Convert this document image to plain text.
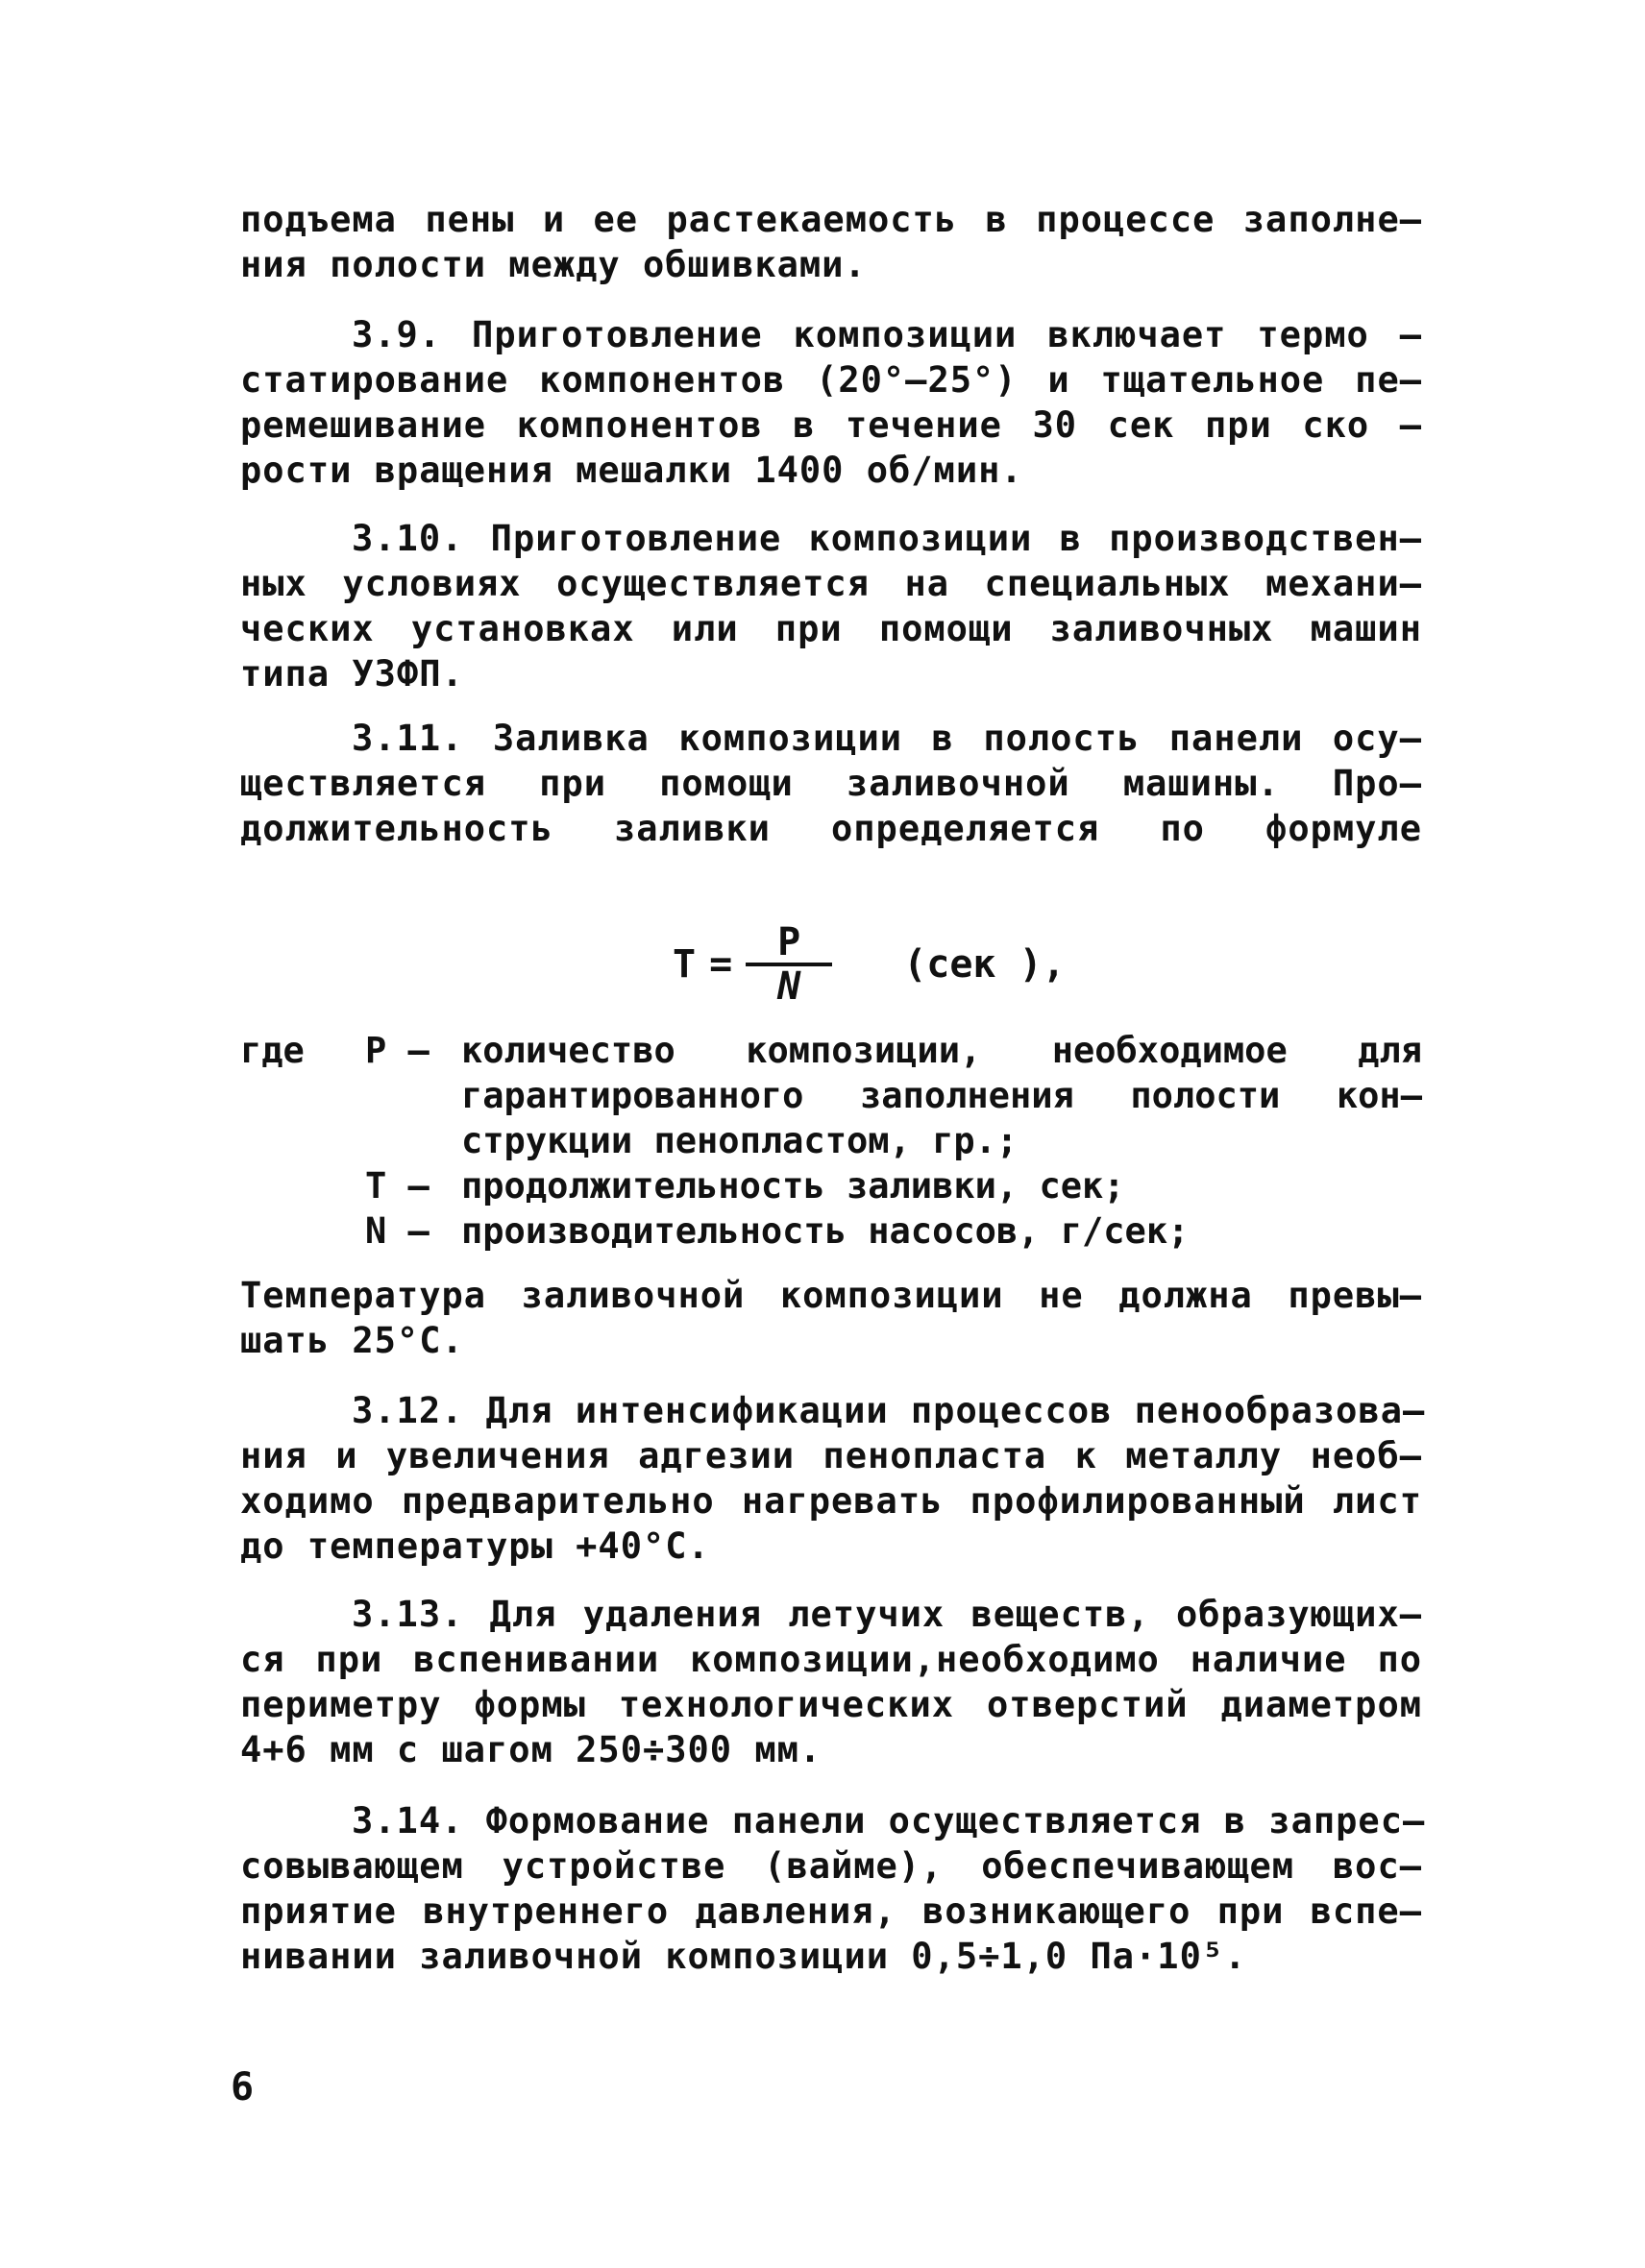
подъема пены и ее растекаемость в процессе заполне–
ния полости между обшивками.
3.9. Приготовление композиции включает термо –
статирование компонентов (20°–25°) и тщательное пе–
ремешивание компонентов в течение 30 сек при ско –
рости вращения мешалки 1400 об/мин.
3.10. Приготовление композиции в производствен–
ных условиях осуществляется на специальных механи–
ческих установках или при помощи заливочных машин
типа УЗФП.
3.11. Заливка композиции в полость панели осу–
ществляется при помощи заливочной машины. Про–
должительность заливки определяется по формуле
$T = \frac{P}{N} (сек$ ),
где	P – количество композиции, необходимое для
гарантированного заполнения полости кон–
струкции пенопластом, гр.;
T – продолжительность заливки, сек;
N – производительность насосов, г/сек;
Температура заливочной композиции не должна превы–
шать 25°С.
3.12. Для интенсификации процессов пенообразова–
ния и увеличения адгезии пенопласта к металлу необ–
ходимо предварительно нагревать профилированный лист
до температуры +40°С.
3.13. Для удаления летучих веществ, образующих–
ся при вспенивании композиции,необходимо наличие по
периметру формы технологических отверстий диаметром
4+6 мм с шагом 250÷300 мм.
3.14. Формование панели осуществляется в запрес–
совывающем устройстве (вайме), обеспечивающем вос–
приятие внутреннего давления, возникающего при вспе–
нивании заливочной композиции 0,5÷1,0 Па·10⁵.
6
